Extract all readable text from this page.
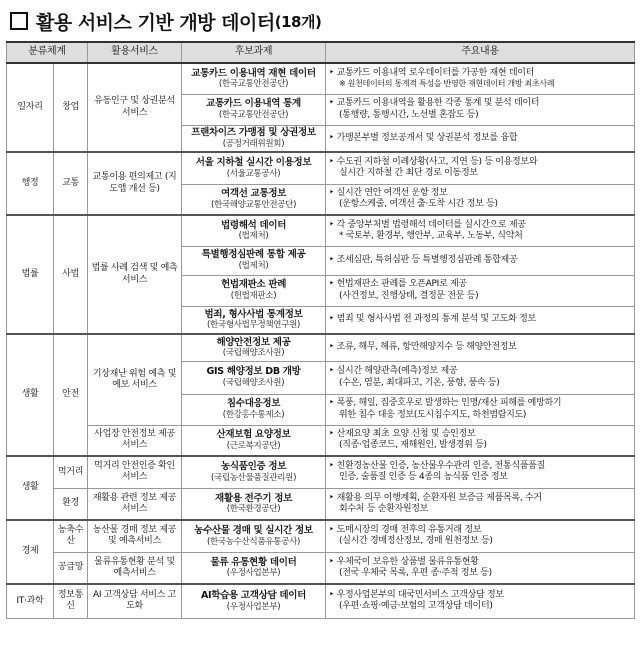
활용 서비스 기반 개방 데이터 (18개)
분류체계		활용서비스	후보과제	주요내용
일자리	창업	유동인구 및 상권분석 서비스	교통카드 이용내역 재현 데이터
(한국교통안전공단)	‣ 교통카드 이용내역 로우데이터를 가공한 재현 데이터
※ 원천데이터의 통계적 특성을 반영한 재현데이터 개방 최초사례

			교통카드 이용내역 통계
(한국교통안전공단)	‣ 교통카드 이용내역을 활용한 각종 통계 및 분석 데이터
(통행량, 통행시간, 노선별 혼잡도 등)

			프랜차이즈 가맹점 및 상권정보
(공정거래위원회)	‣ 가맹본부별 정보공개서 및 상권분석 정보를 융합

행정	교통	교통이용 편의제고 (지도앱 개선 등)	서울 지하철 실시간 이용정보
(서울교통공사)	‣ 수도권 지하철 이례상황(사고, 지연 등) 등 이용정보와
실시간 지하철 간 최단 경로 이동정보

			여객선 교통정보
(한국해양교통안전공단)	‣ 실시간 연안 여객선 운항 정보
(운항스케줄, 여객선 출·도착 시간 정보 등)

법률	사법	법률 사례 검색 및 예측 서비스	법령해석 데이터
(법제처)	‣ 각 중앙부처별 법령해석 데이터를 실시간으로 제공
* 국토부, 환경부, 행안부, 교육부, 노동부, 식약처

			특별행정심판례 통합 제공
(법제처)	‣ 조세심판, 특허심판 등 특별행정심판례 통합제공

			헌법재판소 판례
(헌법재판소)	‣ 헌법재판소 판례를 오픈API로 제공
(사건정보, 진행상태, 결정문 전문 등)

			범죄, 형사사법 통계정보
(한국형사법무정책연구원)	‣ 범죄 및 형사사법 전 과정의 통계 분석 및 고도화 정보

생활	안전	기상재난 위험 예측 및 예보 서비스	해양안전정보 제공
(국립해양조사원)	‣ 조류, 해무, 해류, 항만해양지수 등 해양안전정보

			GIS 해양정보 DB 개방
(국립해양조사원)	‣ 실시간 해양관측(예측)정보 제공
(수온, 염분, 최대파고, 기온, 풍향, 풍속 등)

			침수대응정보
(한강홍수통제소)	‣ 폭풍, 해일, 집중호우로 발생하는 인명/재산 피해를 예방하기
위한 침수 대응 정보(도시침수지도, 하천범람지도)

		사업장 안전정보 제공 서비스	산재보험 요양정보
(근로복지공단)	‣ 산재요양 최초 요양 신청 및 승인정보
(직종·업종코드, 재해원인, 발생경위 등)

생활	먹거리	먹거리 안전인증 확인 서비스	농식품인증 정보
(국립농산물품질관리원)	‣ 친환경농산물 인증, 농산물우수관리 인증, 전통식품품질
인증, 술품질 인증 등 4종의 농식품 인증 정보

	환경	재활용 관련 정보 제공 서비스	재활용 전주기 정보
(한국환경공단)	‣ 재활용 의무 이행계획, 순환자원 보증금 제품목록, 수거
회수처 등 순환자원정보

경제	농축수산	농산물 경매 정보 제공 및 예측서비스	농수산물 경매 및 실시간 정보
(한국농수산식품유통공사)	‣ 도매시장의 경매 전후의 유통거래 정보
(실시간 경매정산정보, 경매 원천정보 등)

	공급망	물류유통현황 분석 및 예측서비스	물류 유통현황 데이터
(우정사업본부)	‣ 우체국이 보유한 상품별 물류유통현황
(전국 우체국 목록, 우편 종·주적 정보 등)

IT·과학	정보통신	AI 고객상담 서비스 고도화	AI학습용 고객상담 데이터
(우정사업본부)	‣ 우정사업본부의 대국민서비스 고객상담 정보
(우편·쇼핑·예금·보험의 고객상담 데이터)
